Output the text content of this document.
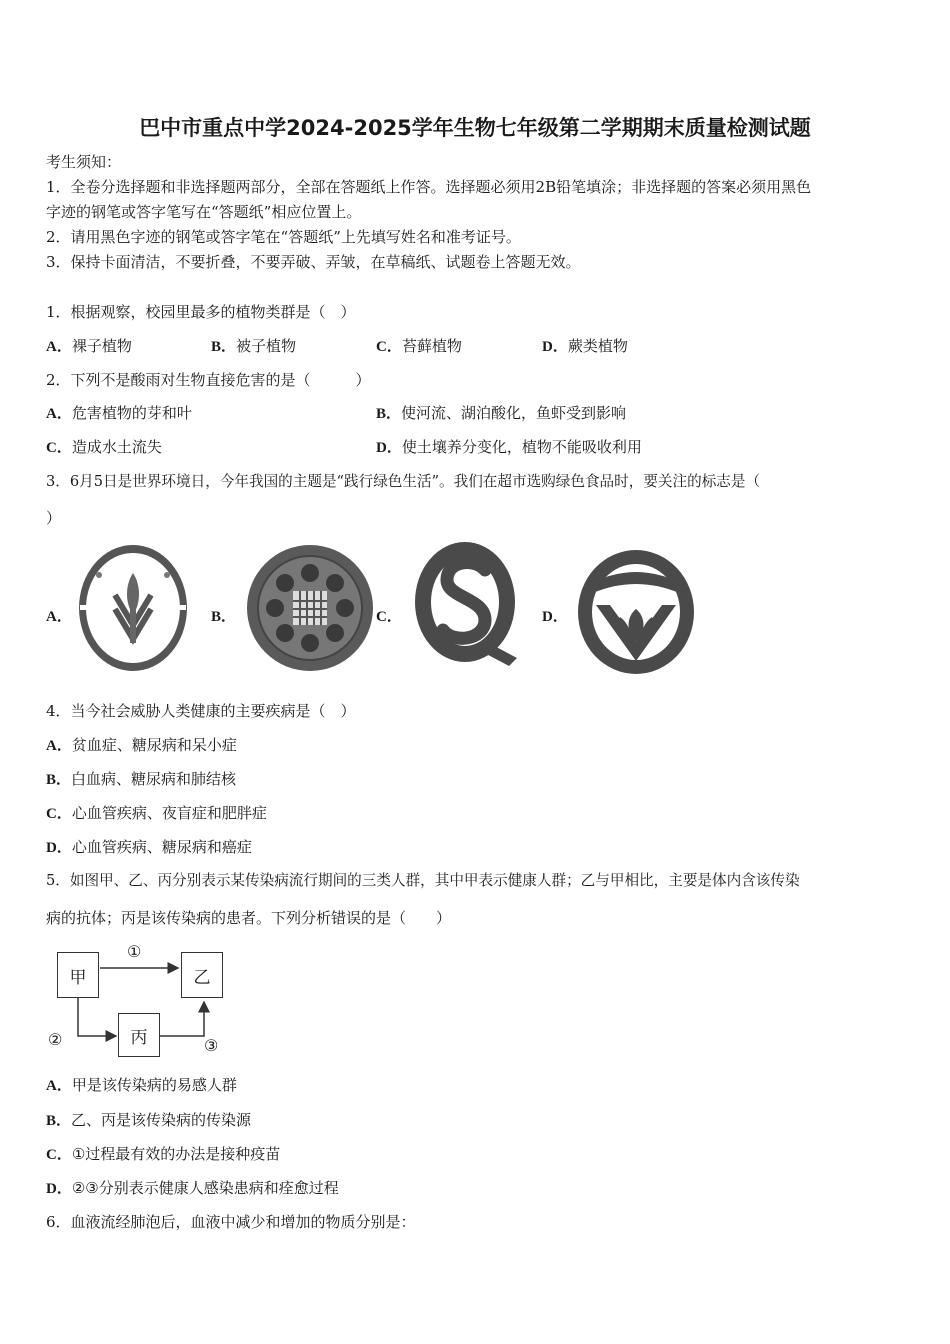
巴中市重点中学2024-2025学年生物七年级第二学期期末质量检测试题
考生须知：
1．全卷分选择题和非选择题两部分，全部在答题纸上作答。选择题必须用2B铅笔填涂；非选择题的答案必须用黑色
字迹的钢笔或答字笔写在“答题纸”相应位置上。
2．请用黑色字迹的钢笔或答字笔在“答题纸”上先填写姓名和准考证号。
3．保持卡面清洁，不要折叠，不要弄破、弄皱，在草稿纸、试题卷上答题无效。
1．根据观察，校园里最多的植物类群是（　）
A．裸子植物	B．被子植物	C．苔藓植物	D．蕨类植物
2．下列不是酸雨对生物直接危害的是（　　　）
A．危害植物的芽和叶	B．使河流、湖泊酸化，鱼虾受到影响
C．造成水土流失	D．使土壤养分变化，植物不能吸收利用
3．6月5日是世界环境日，今年我国的主题是“践行绿色生活”。我们在超市选购绿色食品时，要关注的标志是（
）
A．	B．	C．	D．
4．当今社会威胁人类健康的主要疾病是（　）
A．贫血症、糖尿病和呆小症
B．白血病、糖尿病和肺结核
C．心血管疾病、夜盲症和肥胖症
D．心血管疾病、糖尿病和癌症
5．如图甲、乙、丙分别表示某传染病流行期间的三类人群，其中甲表示健康人群；乙与甲相比，主要是体内含该传染
病的抗体；丙是该传染病的患者。下列分析错误的是（　　）
甲	乙
丙
①
②	③
A．甲是该传染病的易感人群
B．乙、丙是该传染病的传染源
C．①过程最有效的办法是接种疫苗
D．②③分别表示健康人感染患病和痊愈过程
6．血液流经肺泡后，血液中减少和增加的物质分别是：
